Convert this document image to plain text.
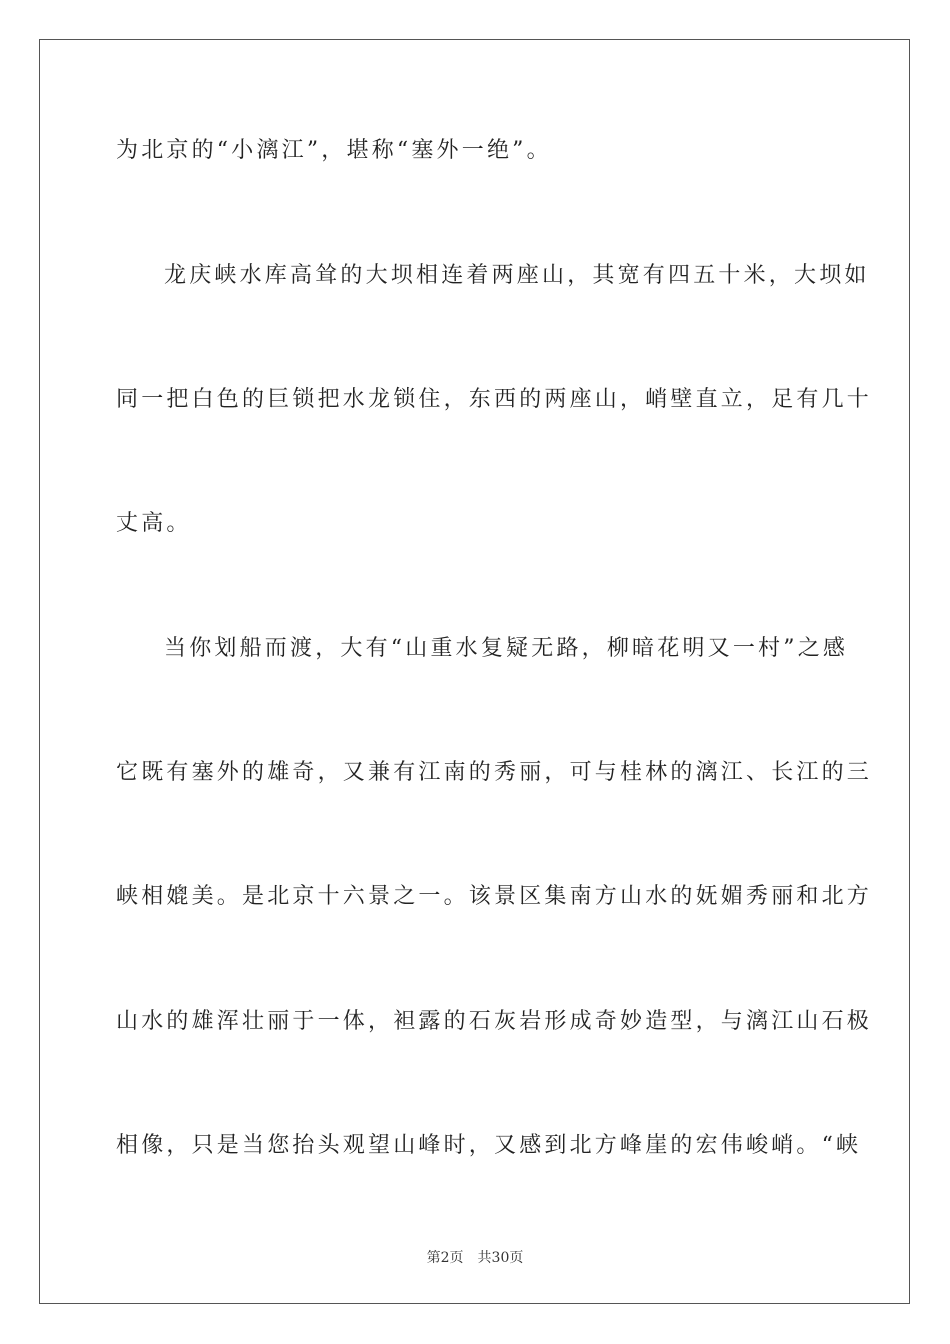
为北京的“小漓江”，堪称“塞外一绝”。
龙庆峡水库高耸的大坝相连着两座山，其宽有四五十米，大坝如
同一把白色的巨锁把水龙锁住，东西的两座山，峭壁直立，足有几十
丈高。
当你划船而渡，大有“山重水复疑无路，柳暗花明又一村”之感
它既有塞外的雄奇，又兼有江南的秀丽，可与桂林的漓江、长江的三
峡相媲美。是北京十六景之一。该景区集南方山水的妩媚秀丽和北方
山水的雄浑壮丽于一体，袒露的石灰岩形成奇妙造型，与漓江山石极
相像，只是当您抬头观望山峰时，又感到北方峰崖的宏伟峻峭。“峡
第2页 共30页
